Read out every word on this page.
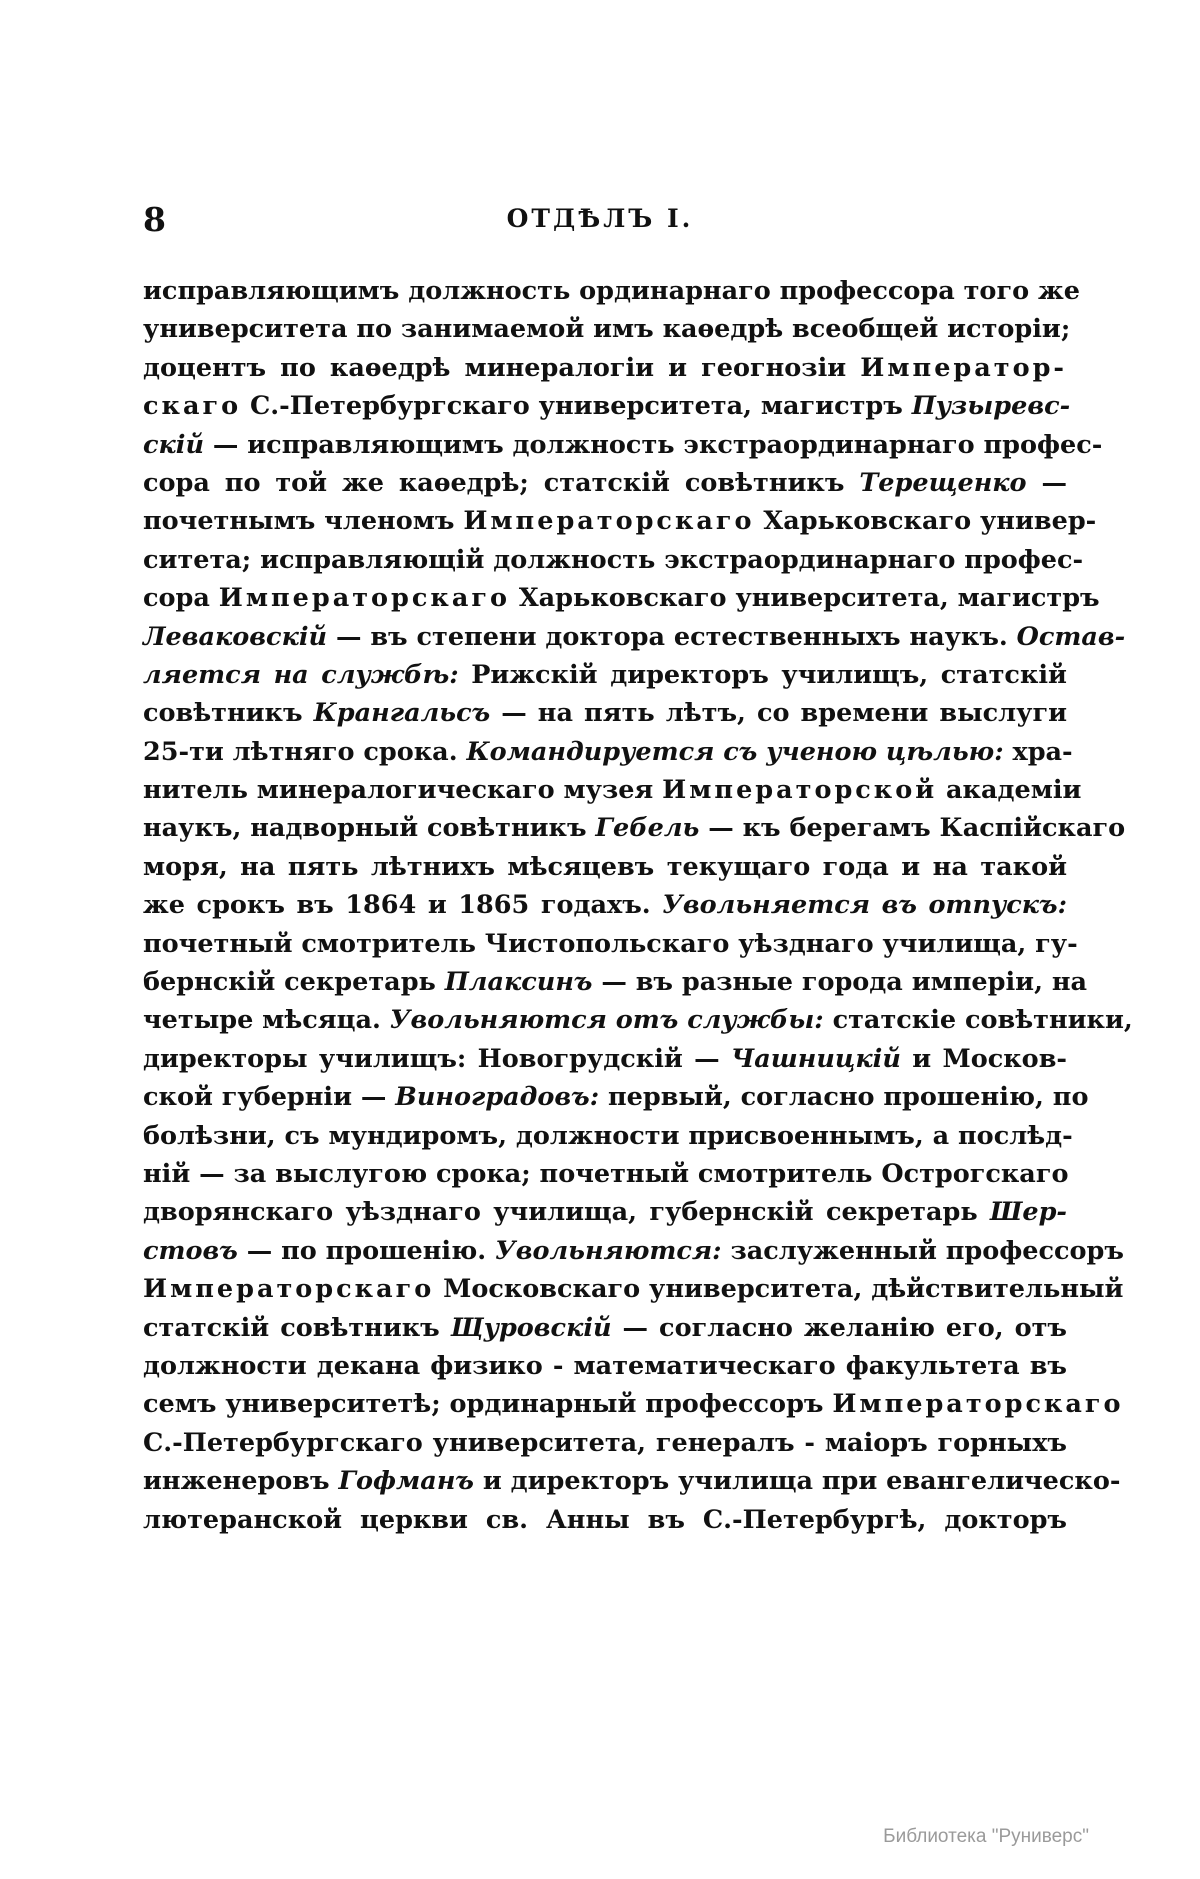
8	ОТДѢЛЪ I.
исправляющимъ должность ординарнаго профессора того же
университета по занимаемой имъ каѳедрѣ всеобщей исторіи;
доцентъ по каѳедрѣ минералогіи и геогнозіи Император-
скаго С.-Петербургскаго университета, магистръ Пузыревс-
скій — исправляющимъ должность экстраординарнаго профес-
сора по той же каѳедрѣ; статскій совѣтникъ Терещенко —
почетнымъ членомъ Императорскаго Харьковскаго универ-
ситета; исправляющій должность экстраординарнаго профес-
сора Императорскаго Харьковскаго университета, магистръ
Леваковскій — въ степени доктора естественныхъ наукъ. Остав-
ляется на службѣ: Рижскій директоръ училищъ, статскій
совѣтникъ Крангальсъ — на пять лѣтъ, со времени выслуги
25-ти лѣтняго срока. Командируется съ ученою цѣлью: хра-
нитель минералогическаго музея Императорской академіи
наукъ, надворный совѣтникъ Гебель — къ берегамъ Каспійскаго
моря, на пять лѣтнихъ мѣсяцевъ текущаго года и на такой
же срокъ въ 1864 и 1865 годахъ. Увольняется въ отпускъ:
почетный смотритель Чистопольскаго уѣзднаго училища, гу-
бернскій секретарь Плаксинъ — въ разные города имперіи, на
четыре мѣсяца. Увольняются отъ службы: статскіе совѣтники,
директоры училищъ: Новогрудскій — Чашницкій и Москов-
ской губерніи — Виноградовъ: первый, согласно прошенію, по
болѣзни, съ мундиромъ, должности присвоеннымъ, а послѣд-
ній — за выслугою срока; почетный смотритель Острогскаго
дворянскаго уѣзднаго училища, губернскій секретарь Шер-
стовъ — по прошенію. Увольняются: заслуженный профессоръ
Императорскаго Московскаго университета, дѣйствительный
статскій совѣтникъ Щуровскій — согласно желанію его, отъ
должности декана физико - математическаго факультета въ
семъ университетѣ; ординарный профессоръ Императорскаго
С.-Петербургскаго университета, генералъ - маіоръ горныхъ
инженеровъ Гофманъ и директоръ училища при евангелическо-
лютеранской церкви св. Анны въ С.-Петербургѣ, докторъ
Библиотека "Руниверс"
